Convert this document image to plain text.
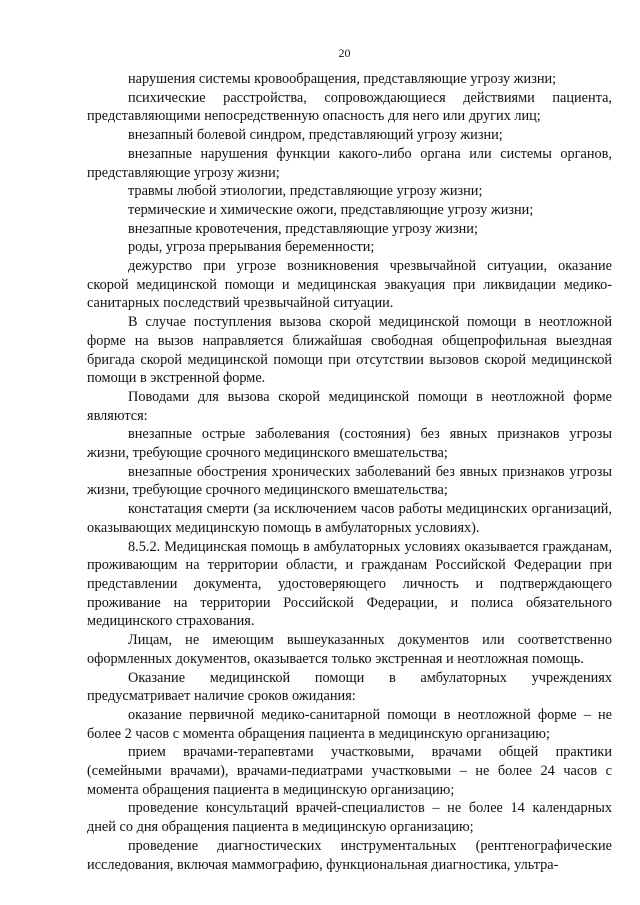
20

нарушения системы кровообращения, представляющие угрозу жизни;

психические расстройства, сопровождающиеся действиями пациента, представляющими непосредственную опасность для него или других лиц;

внезапный болевой синдром, представляющий угрозу жизни;

внезапные нарушения функции какого-либо органа или системы органов, представляющие угрозу жизни;

травмы любой этиологии, представляющие угрозу жизни;

термические и химические ожоги, представляющие угрозу жизни;

внезапные кровотечения, представляющие угрозу жизни;

роды, угроза прерывания беременности;

дежурство при угрозе возникновения чрезвычайной ситуации, оказание скорой медицинской помощи и медицинская эвакуация при ликвидации медико-санитарных последствий чрезвычайной ситуации.

В случае поступления вызова скорой медицинской помощи в неотложной форме на вызов направляется ближайшая свободная общепрофильная выездная бригада скорой медицинской помощи при отсутствии вызовов скорой медицинской помощи в экстренной форме.

Поводами для вызова скорой медицинской помощи в неотложной форме являются:

внезапные острые заболевания (состояния) без явных признаков угрозы жизни, требующие срочного медицинского вмешательства;

внезапные обострения хронических заболеваний без явных признаков угрозы жизни, требующие срочного медицинского вмешательства;

констатация смерти (за исключением часов работы медицинских организаций, оказывающих медицинскую помощь в амбулаторных условиях).

8.5.2. Медицинская помощь в амбулаторных условиях оказывается гражданам, проживающим на территории области, и гражданам Российской Федерации при представлении документа, удостоверяющего личность и подтверждающего проживание на территории Российской Федерации, и полиса обязательного медицинского страхования.

Лицам, не имеющим вышеуказанных документов или соответственно оформленных документов, оказывается только экстренная и неотложная помощь.

Оказание медицинской помощи в амбулаторных учреждениях предусматривает наличие сроков ожидания:

оказание первичной медико-санитарной помощи в неотложной форме – не более 2 часов с момента обращения пациента в медицинскую организацию;

прием врачами-терапевтами участковыми, врачами общей практики (семейными врачами), врачами-педиатрами участковыми – не более 24 часов с момента обращения пациента в медицинскую организацию;

проведение консультаций врачей-специалистов – не более 14 календарных дней со дня обращения пациента в медицинскую организацию;

проведение диагностических инструментальных (рентгенографические исследования, включая маммографию, функциональная диагностика, ультра-
